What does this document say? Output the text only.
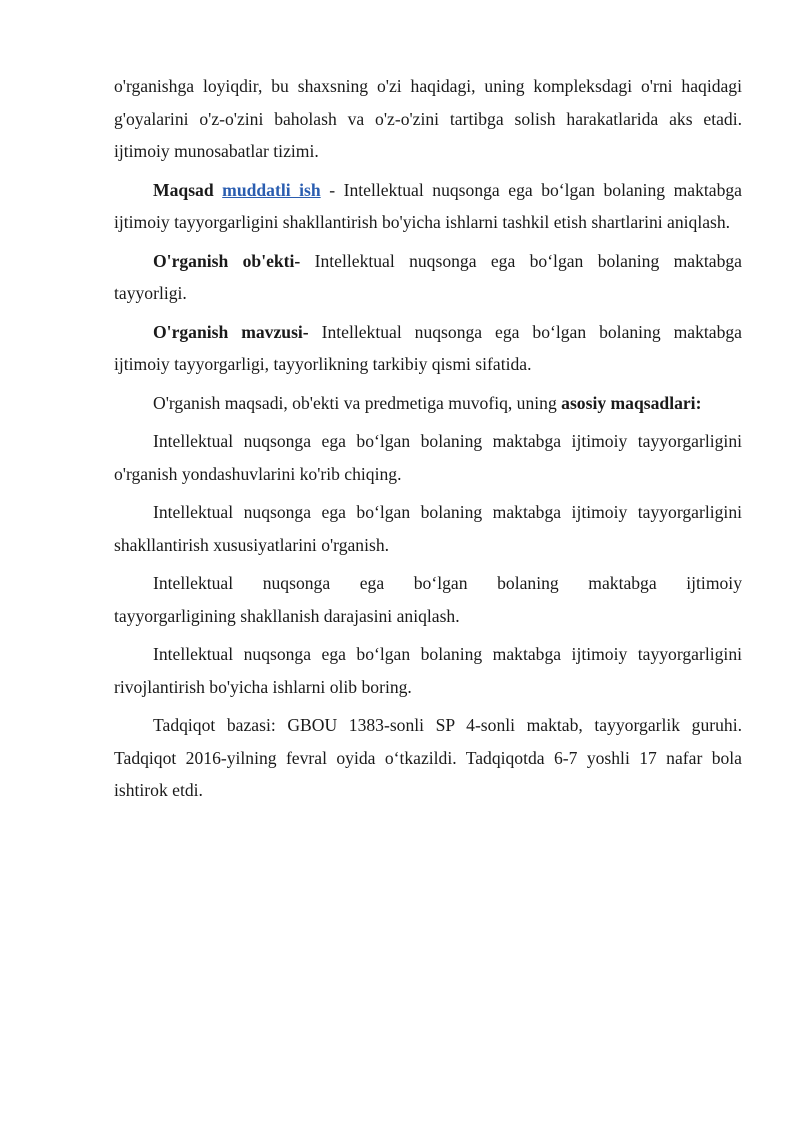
o'rganishga loyiqdir, bu shaxsning o'zi haqidagi, uning kompleksdagi o'rni haqidagi g'oyalarini o'z-o'zini baholash va o'z-o'zini tartibga solish harakatlarida aks etadi. ijtimoiy munosabatlar tizimi.

Maqsad muddatli ish - Intellektual nuqsonga ega bo‘lgan bolaning maktabga ijtimoiy tayyorgarligini shakllantirish bo'yicha ishlarni tashkil etish shartlarini aniqlash.

O'rganish ob'ekti- Intellektual nuqsonga ega bo‘lgan bolaning maktabga tayyorligi.

O'rganish mavzusi- Intellektual nuqsonga ega bo‘lgan bolaning maktabga ijtimoiy tayyorgarligi, tayyorlikning tarkibiy qismi sifatida.

O'rganish maqsadi, ob'ekti va predmetiga muvofiq, uning asosiy maqsadlari:

Intellektual nuqsonga ega bo‘lgan bolaning maktabga ijtimoiy tayyorgarligini o'rganish yondashuvlarini ko'rib chiqing.

Intellektual nuqsonga ega bo‘lgan bolaning maktabga ijtimoiy tayyorgarligini shakllantirish xususiyatlarini o'rganish.

Intellektual nuqsonga ega bo‘lgan bolaning maktabga ijtimoiy

tayyorgarligining shakllanish darajasini aniqlash.

Intellektual nuqsonga ega bo‘lgan bolaning maktabga ijtimoiy tayyorgarligini rivojlantirish bo'yicha ishlarni olib boring.

Tadqiqot bazasi: GBOU 1383-sonli SP 4-sonli maktab, tayyorgarlik guruhi. Tadqiqot 2016-yilning fevral oyida o‘tkazildi. Tadqiqotda 6-7 yoshli 17 nafar bola ishtirok etdi.
